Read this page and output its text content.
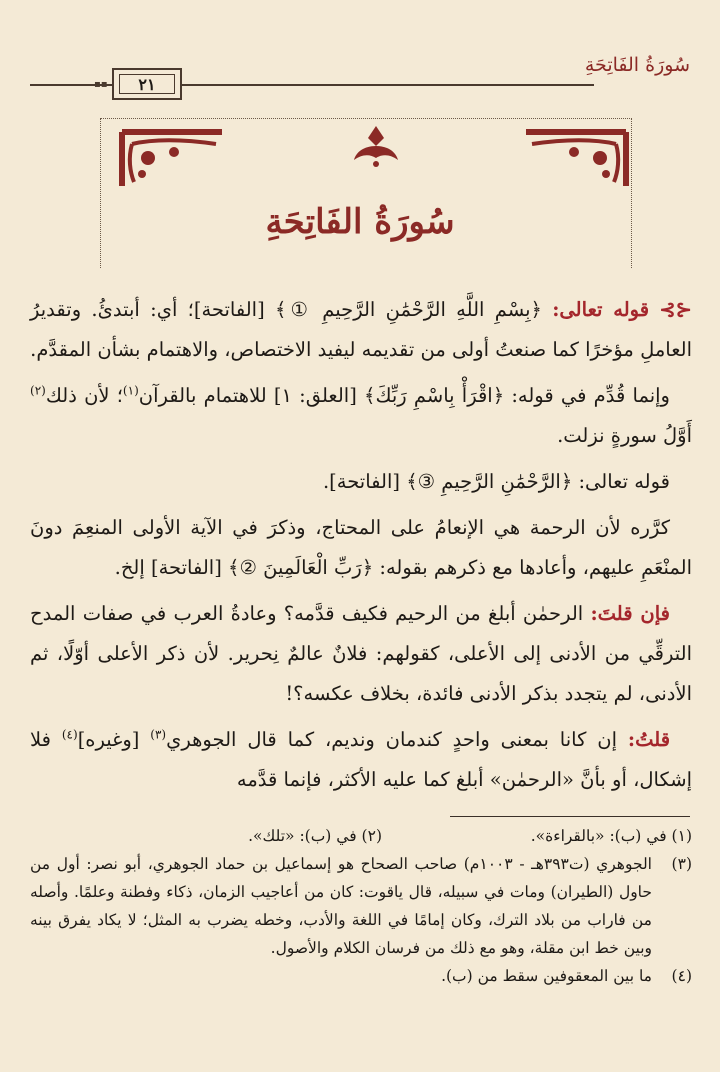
سُورَةُ الفَاتِحَةِ
▪▪ ٢١
سُورَةُ الفَاتِحَةِ

⊰⊱ قوله تعالى: ﴿بِسْمِ اللَّهِ الرَّحْمَٰنِ الرَّحِيمِ ①﴾ [الفاتحة]؛ أي: أبتدئُ. وتقديرُ العاملِ مؤخرًا كما صنعتُ أولى من تقديمه ليفيد الاختصاص، والاهتمام بشأن المقدَّم.

وإنما قُدِّم في قوله: ﴿اقْرَأْ بِاسْمِ رَبِّكَ﴾ [العلق: ١] للاهتمام بالقرآن$^{(١)}$؛ لأن ذلك$^{(٢)}$ أَوَّلُ سورةٍ نزلت.

قوله تعالى: ﴿الرَّحْمَٰنِ الرَّحِيمِ ③﴾ [الفاتحة].

كرَّره لأن الرحمة هي الإنعامُ على المحتاج، وذكرَ في الآية الأولى المنعِمَ دونَ المنْعَمِ عليهم، وأعادها مع ذكرهم بقوله: ﴿رَبِّ الْعَالَمِينَ ②﴾ [الفاتحة] إلخ.

فإن قلتَ: الرحمٰن أبلغ من الرحيم فكيف قدَّمه؟ وعادةُ العرب في صفات المدح الترقِّي من الأدنى إلى الأعلى، كقولهم: فلانٌ عالمٌ نِحرير. لأن ذكر الأعلى أوّلًا، ثم الأدنى، لم يتجدد بذكر الأدنى فائدة، بخلاف عكسه؟!

قلتُ: إن كانا بمعنى واحدٍ كندمان ونديم، كما قال الجوهري$^{(٣)}$ [وغيره]$^{(٤)}$ فلا إشكال، أو بأنَّ «الرحمٰن» أبلغ كما عليه الأكثر، فإنما قدَّمه

(١) في (ب): «بالقراءة».
(٢) في (ب): «تلك».
(٣)
الجوهري (ت٣٩٣هـ - ١٠٠٣م) صاحب الصحاح هو إسماعيل بن حماد الجوهري، أبو نصر: أول من حاول (الطيران) ومات في سبيله، قال ياقوت: كان من أعاجيب الزمان، ذكاء وفطنة وعلمًا. وأصله من فاراب من بلاد الترك، وكان إمامًا في اللغة والأدب، وخطه يضرب به المثل؛ لا يكاد يفرق بينه وبين خط ابن مقلة، وهو مع ذلك من فرسان الكلام والأصول.
(٤)
ما بين المعقوفين سقط من (ب).
